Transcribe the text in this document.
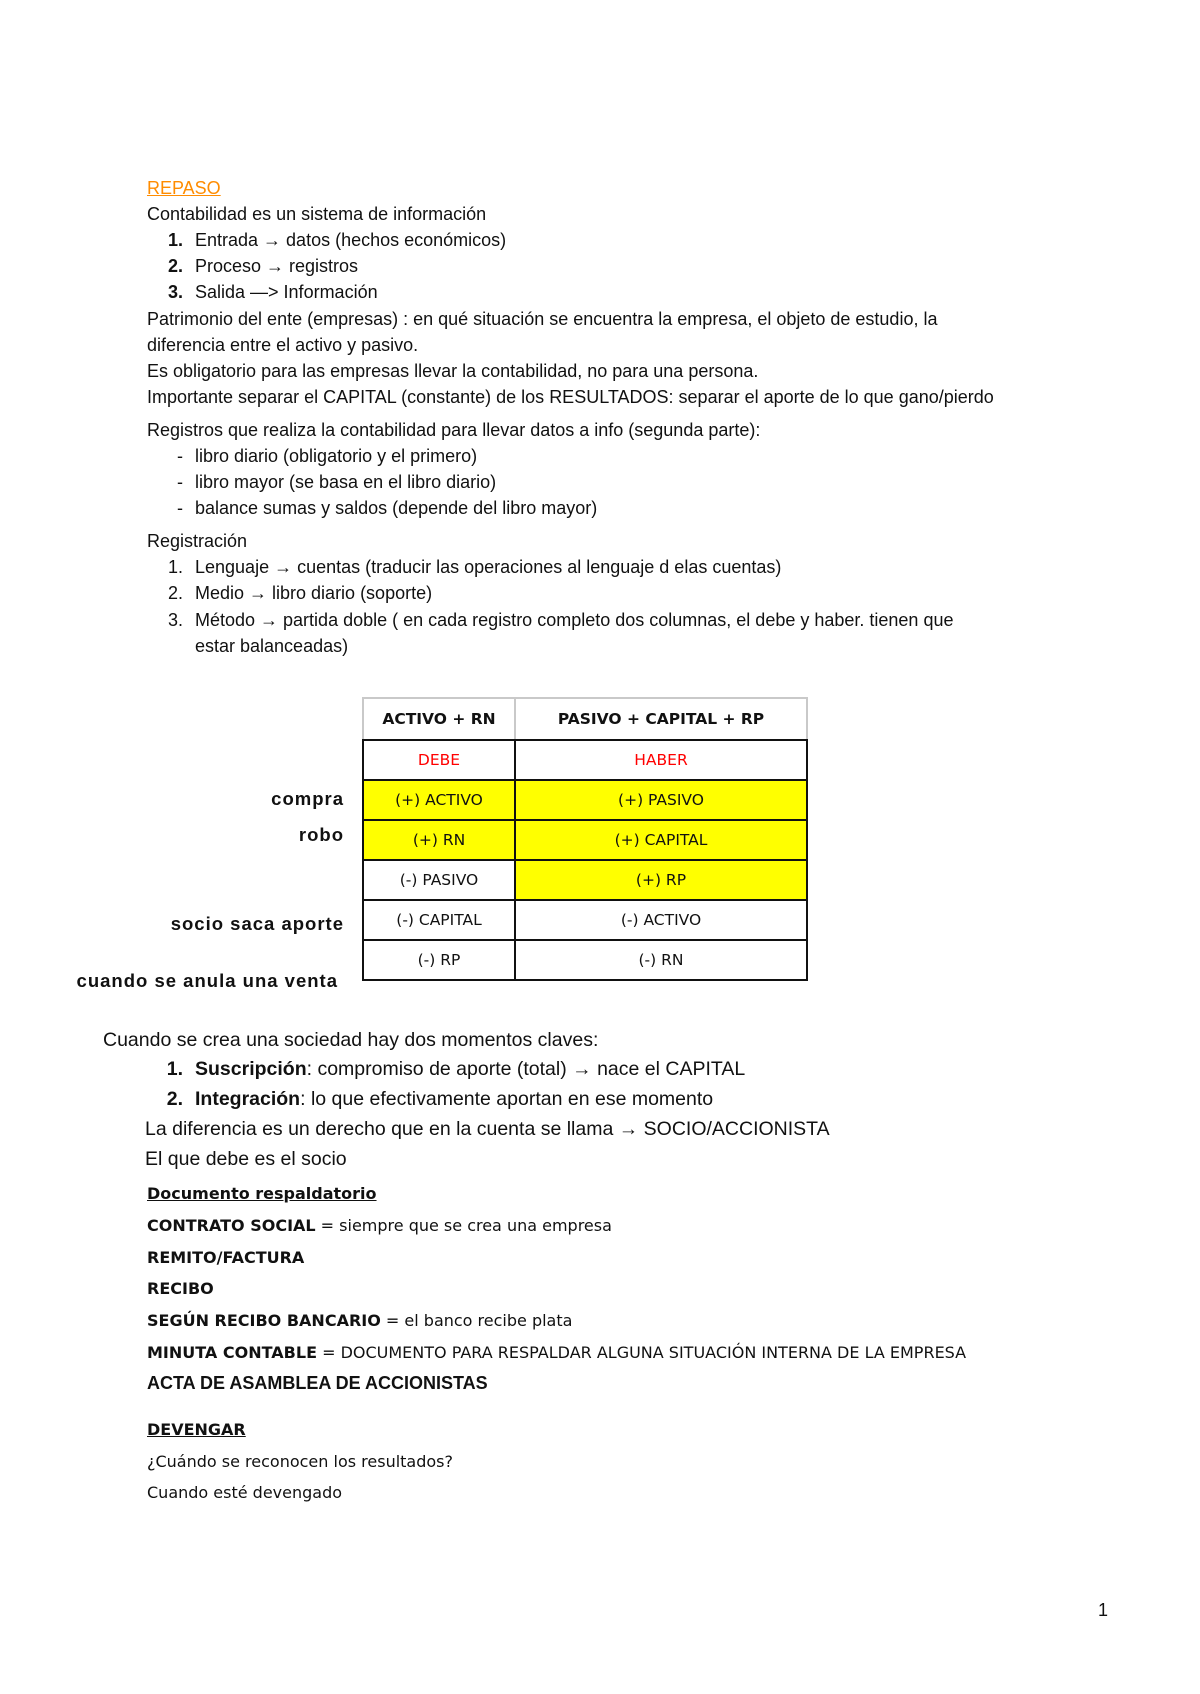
REPASO
Contabilidad es un sistema de información
1. Entrada → datos (hechos económicos)
2. Proceso → registros
3. Salida —> Información
Patrimonio del ente (empresas) : en qué situación se encuentra la empresa, el objeto de estudio, la
diferencia entre el activo y pasivo.
Es obligatorio para las empresas llevar la contabilidad, no para una persona.
Importante separar el CAPITAL (constante) de los RESULTADOS: separar el aporte de lo que gano/pierdo
Registros que realiza la contabilidad para llevar datos a info (segunda parte):
- libro diario (obligatorio y el primero)
- libro mayor (se basa en el libro diario)
- balance sumas y saldos (depende del libro mayor)
Registración
1. Lenguaje → cuentas (traducir las operaciones al lenguaje d elas cuentas)
2. Medio → libro diario (soporte)
3. Método → partida doble ( en cada registro completo dos columnas, el debe y haber. tienen que
estar balanceadas)
compra
robo
socio saca aporte
cuando se anula una venta
ACTIVO + RN	PASIVO + CAPITAL + RP
DEBE	HABER
(+) ACTIVO	(+) PASIVO
(+) RN	(+) CAPITAL
(-) PASIVO	(+) RP
(-) CAPITAL	(-) ACTIVO
(-) RP	(-) RN
Cuando se crea una sociedad hay dos momentos claves:
1. Suscripción: compromiso de aporte (total) → nace el CAPITAL
2. Integración: lo que efectivamente aportan en ese momento
La diferencia es un derecho que en la cuenta se llama → SOCIO/ACCIONISTA
El que debe es el socio
Documento respaldatorio
CONTRATO SOCIAL = siempre que se crea una empresa
REMITO/FACTURA
RECIBO
SEGÚN RECIBO BANCARIO = el banco recibe plata
MINUTA CONTABLE = DOCUMENTO PARA RESPALDAR ALGUNA SITUACIÓN INTERNA DE LA EMPRESA
ACTA DE ASAMBLEA DE ACCIONISTAS
DEVENGAR
¿Cuándo se reconocen los resultados?
Cuando esté devengado
1
